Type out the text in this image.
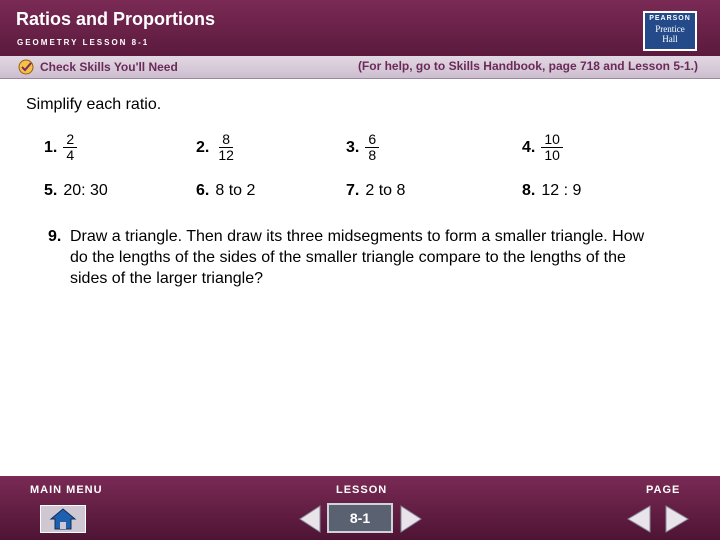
Ratios and Proportions
GEOMETRY LESSON 8-1
PEARSON
Prentice
Hall
Check Skills You'll Need	(For help, go to Skills Handbook, page 718 and Lesson 5-1.)
Simplify each ratio.
1. $\frac{2}{4}$	2. $\frac{8}{12}$	3. $\frac{6}{8}$	4. $\frac{10}{10}$
5. 20: 30	6. 8 to 2	7. 2 to 8	8. 12 : 9
9. Draw a triangle. Then draw its three midsegments to form a smaller triangle. How do the lengths of the sides of the smaller triangle compare to the lengths of the sides of the larger triangle?
MAIN MENU	LESSON	PAGE
8-1
